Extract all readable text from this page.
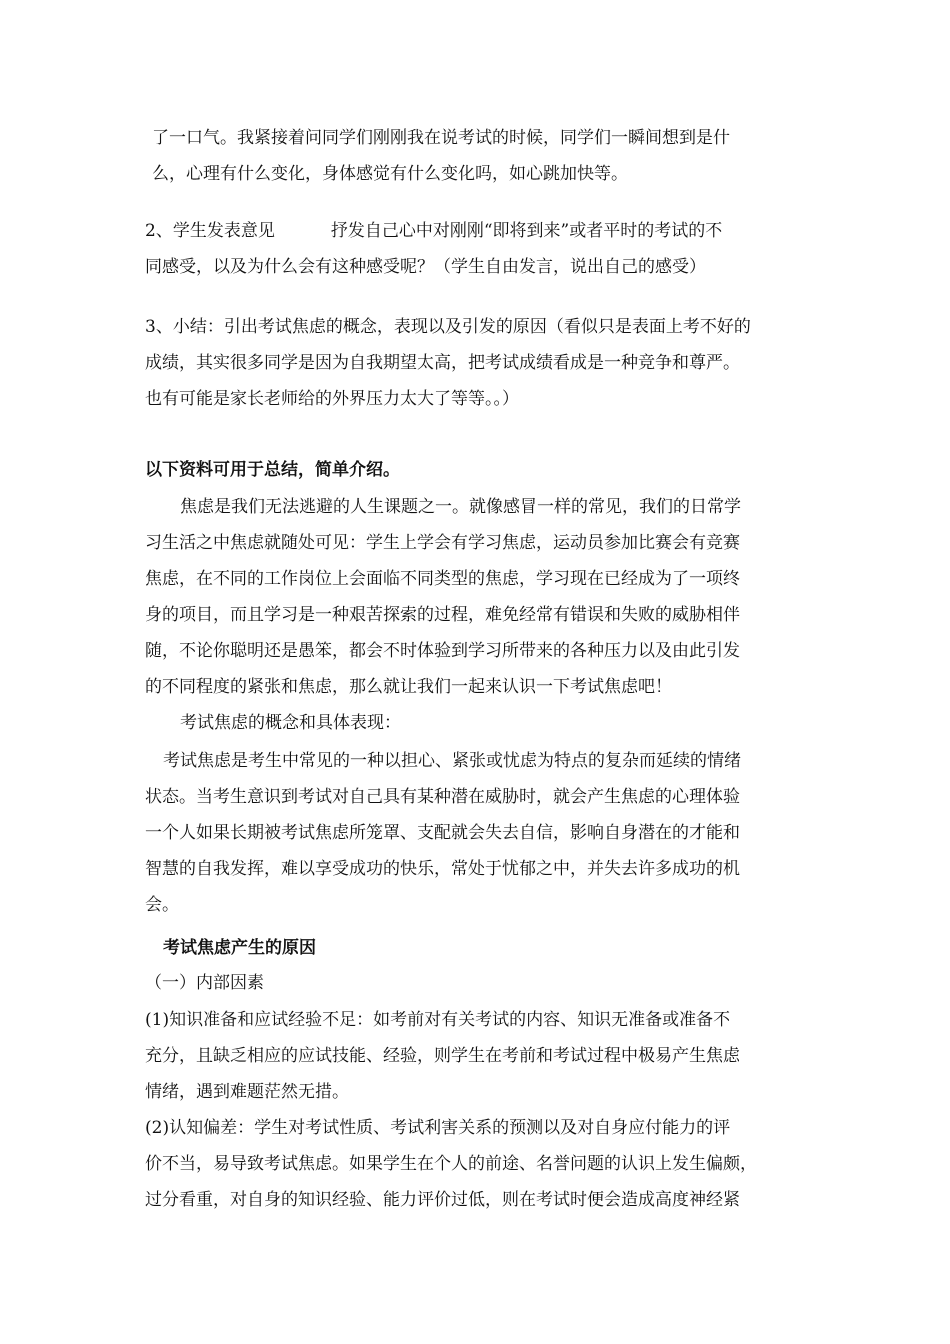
了一口气。我紧接着问同学们刚刚我在说考试的时候，同学们一瞬间想到是什
么，心理有什么变化，身体感觉有什么变化吗，如心跳加快等。
2、学生发表意见	抒发自己心中对刚刚“即将到来”或者平时的考试的不
同感受，以及为什么会有这种感受呢？（学生自由发言，说出自己的感受）
3、小结：引出考试焦虑的概念，表现以及引发的原因（看似只是表面上考不好的
成绩，其实很多同学是因为自我期望太高，把考试成绩看成是一种竞争和尊严。
也有可能是家长老师给的外界压力太大了等等。。）
以下资料可用于总结，简单介绍。
焦虑是我们无法逃避的人生课题之一。就像感冒一样的常见，我们的日常学
习生活之中焦虑就随处可见：学生上学会有学习焦虑，运动员参加比赛会有竞赛
焦虑，在不同的工作岗位上会面临不同类型的焦虑，学习现在已经成为了一项终
身的项目，而且学习是一种艰苦探索的过程，难免经常有错误和失败的威胁相伴
随，不论你聪明还是愚笨，都会不时体验到学习所带来的各种压力以及由此引发
的不同程度的紧张和焦虑，那么就让我们一起来认识一下考试焦虑吧！
考试焦虑的概念和具体表现：
考试焦虑是考生中常见的一种以担心、紧张或忧虑为特点的复杂而延续的情绪
状态。当考生意识到考试对自己具有某种潜在威胁时，就会产生焦虑的心理体验
一个人如果长期被考试焦虑所笼罩、支配就会失去自信，影响自身潜在的才能和
智慧的自我发挥，难以享受成功的快乐，常处于忧郁之中，并失去许多成功的机
会。
考试焦虑产生的原因
（一）内部因素
(1)知识准备和应试经验不足：如考前对有关考试的内容、知识无准备或准备不
充分，且缺乏相应的应试技能、经验，则学生在考前和考试过程中极易产生焦虑
情绪，遇到难题茫然无措。
(2)认知偏差：学生对考试性质、考试利害关系的预测以及对自身应付能力的评
价不当，易导致考试焦虑。如果学生在个人的前途、名誉问题的认识上发生偏颇，
过分看重，对自身的知识经验、能力评价过低，则在考试时便会造成高度神经紧
